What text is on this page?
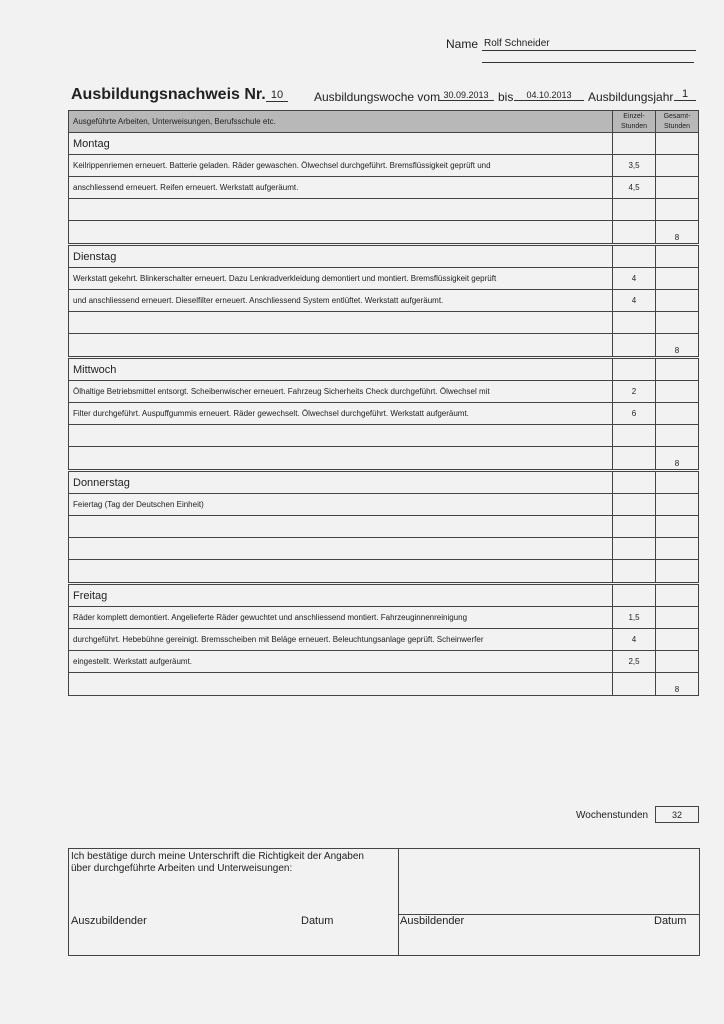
Name Rolf Schneider
Ausbildungsnachweis Nr. 10	Ausbildungswoche vom 30.09.2013 bis	04.10.2013	Ausbildungsjahr 1
Ausgeführte Arbeiten, Unterweisungen, Berufsschule etc.	Einzel-Stunden	Gesamt-Stunden
Montag		
Keilrippenriemen erneuert. Batterie geladen. Räder gewaschen. Ölwechsel durchgeführt. Bremsflüssigkeit geprüft und	3,5	
anschliessend erneuert. Reifen erneuert. Werkstatt aufgeräumt.	4,5	

		8
Dienstag		
Werkstatt gekehrt. Blinkerschalter erneuert. Dazu Lenkradverkleidung demontiert und montiert. Bremsflüssigkeit geprüft	4	
und anschliessend erneuert. Dieselfilter erneuert. Anschliessend System entlüftet. Werkstatt aufgeräumt.	4	

		8
Mittwoch		
Ölhaltige Betriebsmittel entsorgt. Scheibenwischer erneuert. Fahrzeug Sicherheits Check durchgeführt. Ölwechsel mit	2	
Filter durchgeführt. Auspuffgummis erneuert. Räder gewechselt. Ölwechsel durchgeführt. Werkstatt aufgeräumt.	6	

		8
Donnerstag		
Feiertag (Tag der Deutschen Einheit)		

Freitag		
Räder komplett demontiert. Angelieferte Räder gewuchtet und anschliessend montiert. Fahrzeuginnenreinigung	1,5	
durchgeführt. Hebebühne gereinigt. Bremsscheiben mit Beläge erneuert. Beleuchtungsanlage geprüft. Scheinwerfer	4	
eingestellt. Werkstatt aufgeräumt.	2,5	
		8
Wochenstunden	32
Ich bestätige durch meine Unterschrift die Richtigkeit der Angaben über durchgeführte Arbeiten und Unterweisungen:
Auszubildender	Datum	Ausbildender	Datum
